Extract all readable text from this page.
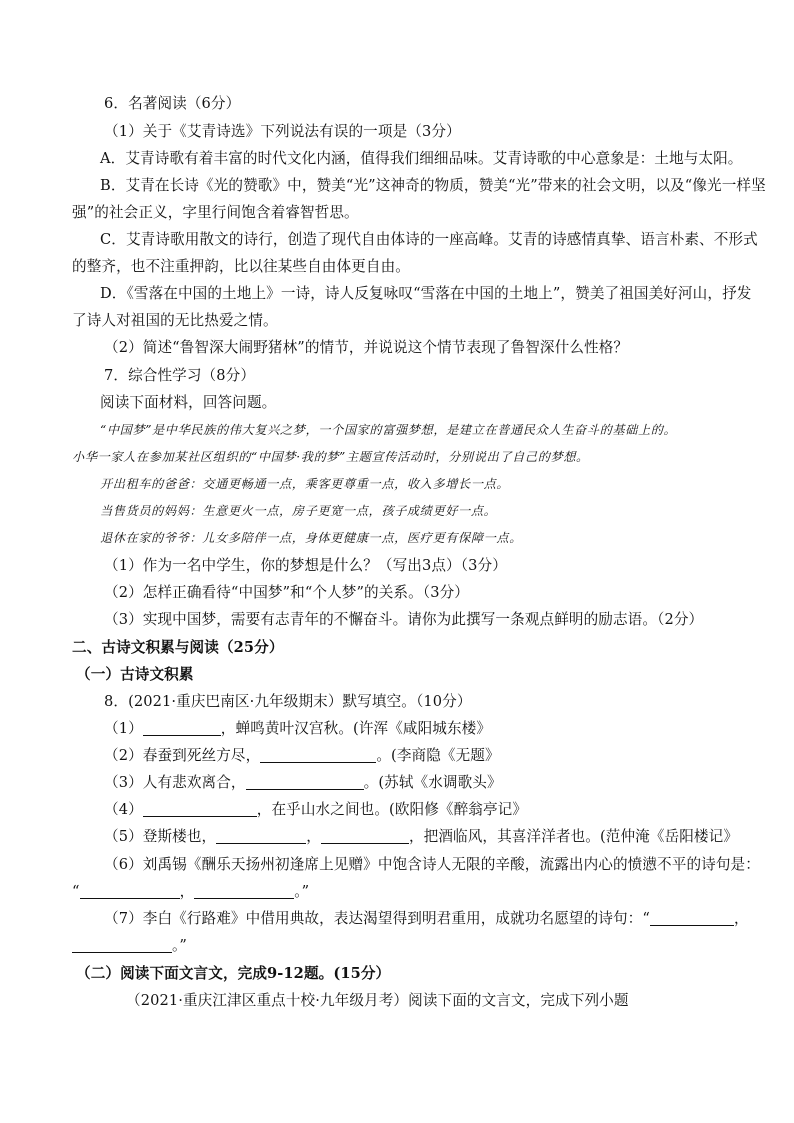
6．名著阅读（6分）
（1）关于《艾青诗选》下列说法有误的一项是（3分）
A．艾青诗歌有着丰富的时代文化内涵，值得我们细细品味。艾青诗歌的中心意象是：土地与太阳。
B．艾青在长诗《光的赞歌》中，赞美“光”这神奇的物质，赞美“光”带来的社会文明，以及“像光一样坚
强”的社会正义，字里行间饱含着睿智哲思。
C．艾青诗歌用散文的诗行，创造了现代自由体诗的一座高峰。艾青的诗感情真挚、语言朴素、不形式
的整齐，也不注重押韵，比以往某些自由体更自由。
D．《雪落在中国的土地上》一诗，诗人反复咏叹“雪落在中国的土地上”，赞美了祖国美好河山，抒发
了诗人对祖国的无比热爱之情。
（2）简述“鲁智深大闹野猪林”的情节，并说说这个情节表现了鲁智深什么性格？
7．综合性学习（8分）
阅读下面材料，回答问题。
“中国梦”是中华民族的伟大复兴之梦，一个国家的富强梦想，是建立在普通民众人生奋斗的基础上的。
小华一家人在参加某社区组织的“中国梦·我的梦”主题宣传活动时，分别说出了自己的梦想。
开出租车的爸爸：交通更畅通一点，乘客更尊重一点，收入多增长一点。
当售货员的妈妈：生意更火一点，房子更宽一点，孩子成绩更好一点。
退休在家的爷爷：儿女多陪伴一点，身体更健康一点，医疗更有保障一点。
（1）作为一名中学生，你的梦想是什么？（写出3点）（3分）
（2）怎样正确看待“中国梦”和“个人梦”的关系。（3分）
（3）实现中国梦，需要有志青年的不懈奋斗。请你为此撰写一条观点鲜明的励志语。（2分）
二、古诗文积累与阅读（25分）
（一）古诗文积累
8．(2021·重庆巴南区·九年级期末）默写填空。（10分）
（1）	，蝉鸣黄叶汉宫秋。(许浑《咸阳城东楼》
（2）春蚕到死丝方尽，	。(李商隐《无题》
（3）人有悲欢离合，	。(苏轼《水调歌头》
（4）	，在乎山水之间也。(欧阳修《醉翁亭记》
（5）登斯楼也，	，	，把酒临风，其喜洋洋者也。(范仲淹《岳阳楼记》
（6）刘禹锡《酬乐天扬州初逢席上见赠》中饱含诗人无限的辛酸，流露出内心的愤懑不平的诗句是：
“	，	。”
（7）李白《行路难》中借用典故，表达渴望得到明君重用，成就功名愿望的诗句：“	，
。”
（二）阅读下面文言文，完成9-12题。(15分）
（2021·重庆江津区重点十校·九年级月考）阅读下面的文言文，完成下列小题
